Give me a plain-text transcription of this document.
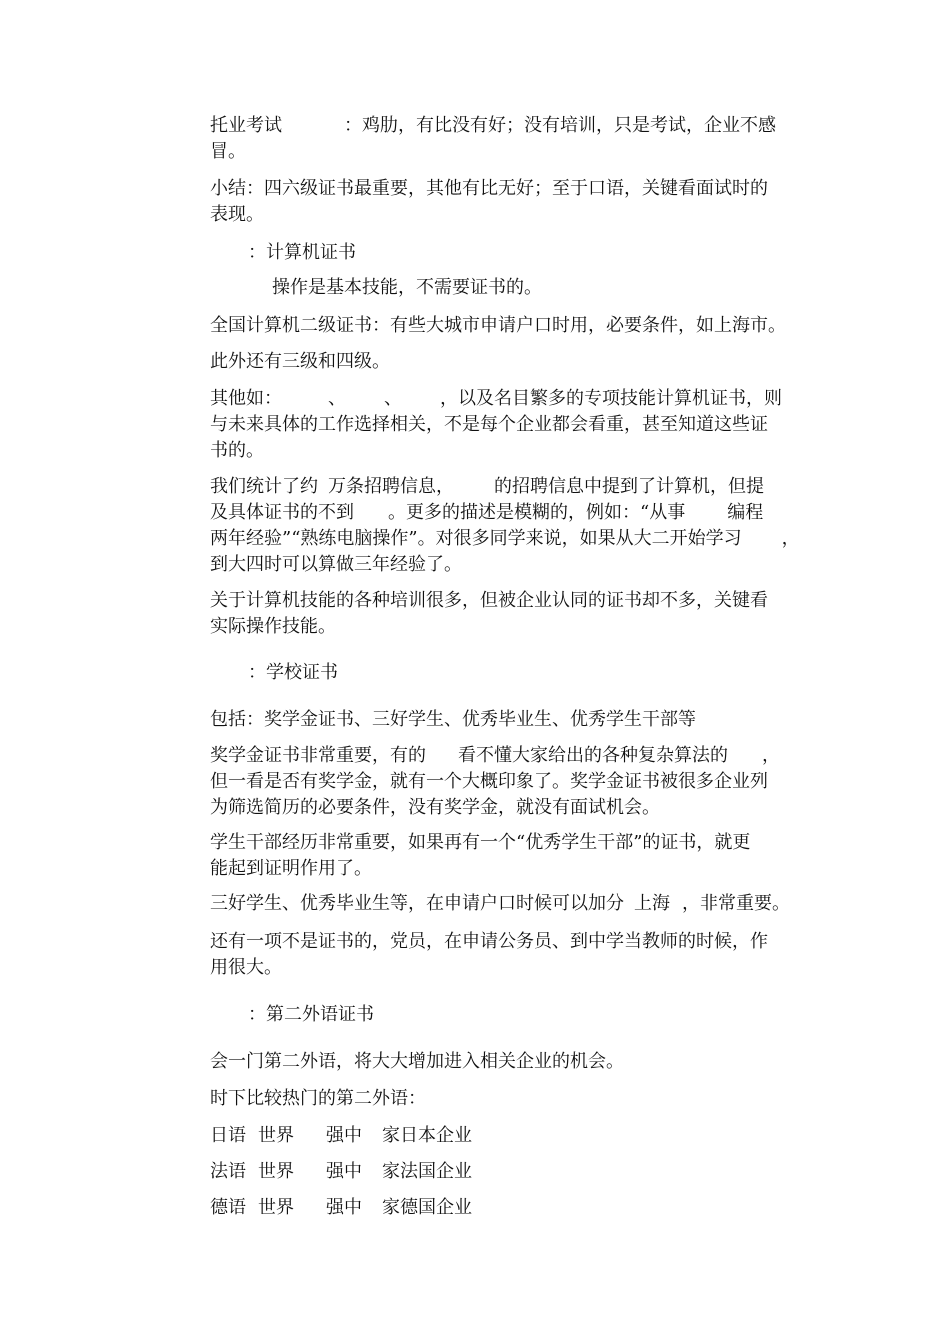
托业考试	：鸡肋，有比没有好；没有培训，只是考试，企业不感

冒。

小结：四六级证书最重要，其他有比无好；至于口语，关键看面试时的

表现。

：计算机证书

操作是基本技能，不需要证书的。

全国计算机二级证书：有些大城市申请户口时用，必要条件，如上海市。

此外还有三级和四级。

其他如：	、 、 ，以及名目繁多的专项技能计算机证书，则

与未来具体的工作选择相关，不是每个企业都会看重，甚至知道这些证

书的。

我们统计了约 万条招聘信息， 的招聘信息中提到了计算机，但提

及具体证书的不到 。更多的描述是模糊的，例如：“从事 编程

两年经验”“熟练电脑操作”。对很多同学来说，如果从大二开始学习 ，

到大四时可以算做三年经验了。

关于计算机技能的各种培训很多，但被企业认同的证书却不多，关键看

实际操作技能。

：学校证书

包括：奖学金证书、三好学生、优秀毕业生、优秀学生干部等

奖学金证书非常重要，有的 看不懂大家给出的各种复杂算法的 ，

但一看是否有奖学金，就有一个大概印象了。奖学金证书被很多企业列

为筛选简历的必要条件，没有奖学金，就没有面试机会。

学生干部经历非常重要，如果再有一个“优秀学生干部”的证书，就更

能起到证明作用了。

三好学生、优秀毕业生等，在申请户口时候可以加分 上海 ，非常重要。

还有一项不是证书的，党员，在申请公务员、到中学当教师的时候，作

用很大。

：第二外语证书

会一门第二外语，将大大增加进入相关企业的机会。

时下比较热门的第二外语：

日语 世界 强中 家日本企业

法语 世界 强中 家法国企业

德语 世界 强中 家德国企业
